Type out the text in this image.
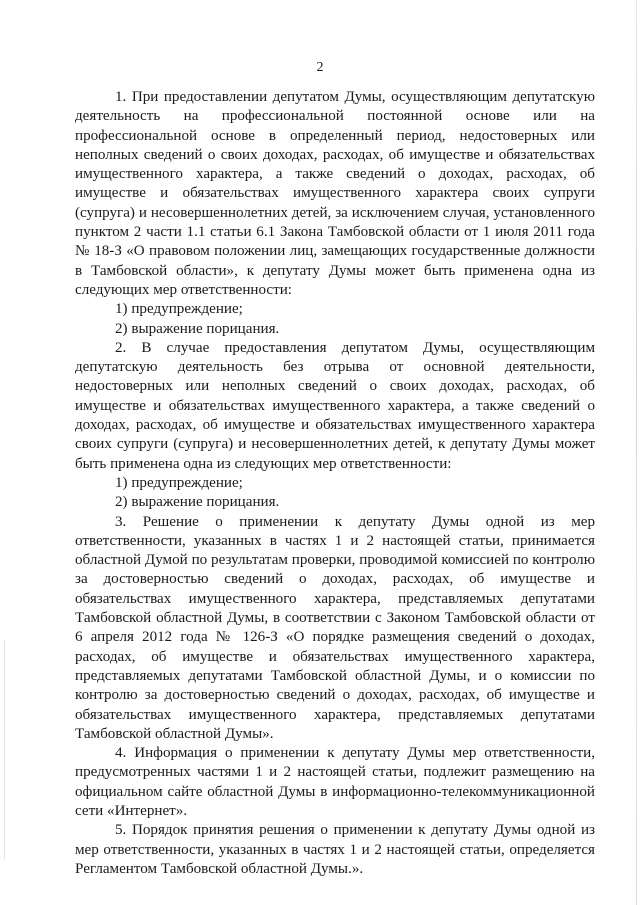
2

1. При предоставлении депутатом Думы, осуществляющим депутатскую деятельность на профессиональной постоянной основе или на профессиональной основе в определенный период, недостоверных или неполных сведений о своих доходах, расходах, об имуществе и обязательствах имущественного характера, а также сведений о доходах, расходах, об имуществе и обязательствах имущественного характера своих супруги (супруга) и несовершеннолетних детей, за исключением случая, установленного пунктом 2 части 1.1 статьи 6.1 Закона Тамбовской области от 1 июля 2011 года № 18-З «О правовом положении лиц, замещающих государственные должности в Тамбовской области», к депутату Думы может быть применена одна из следующих мер ответственности:

1) предупреждение;

2) выражение порицания.

2. В случае предоставления депутатом Думы, осуществляющим депутатскую деятельность без отрыва от основной деятельности, недостоверных или неполных сведений о своих доходах, расходах, об имуществе и обязательствах имущественного характера, а также сведений о доходах, расходах, об имуществе и обязательствах имущественного характера своих супруги (супруга) и несовершеннолетних детей, к депутату Думы может быть применена одна из следующих мер ответственности:

1) предупреждение;

2) выражение порицания.

3. Решение о применении к депутату Думы одной из мер ответственности, указанных в частях 1 и 2 настоящей статьи, принимается областной Думой по результатам проверки, проводимой комиссией по контролю за достоверностью сведений о доходах, расходах, об имуществе и обязательствах имущественного характера, представляемых депутатами Тамбовской областной Думы, в соответствии с Законом Тамбовской области от 6 апреля 2012 года № 126-З «О порядке размещения сведений о доходах, расходах, об имуществе и обязательствах имущественного характера, представляемых депутатами Тамбовской областной Думы, и о комиссии по контролю за достоверностью сведений о доходах, расходах, об имуществе и обязательствах имущественного характера, представляемых депутатами Тамбовской областной Думы».

4. Информация о применении к депутату Думы мер ответственности, предусмотренных частями 1 и 2 настоящей статьи, подлежит размещению на официальном сайте областной Думы в информационно-телекоммуникационной сети «Интернет».

5. Порядок принятия решения о применении к депутату Думы одной из мер ответственности, указанных в частях 1 и 2 настоящей статьи, определяется Регламентом Тамбовской областной Думы.».
